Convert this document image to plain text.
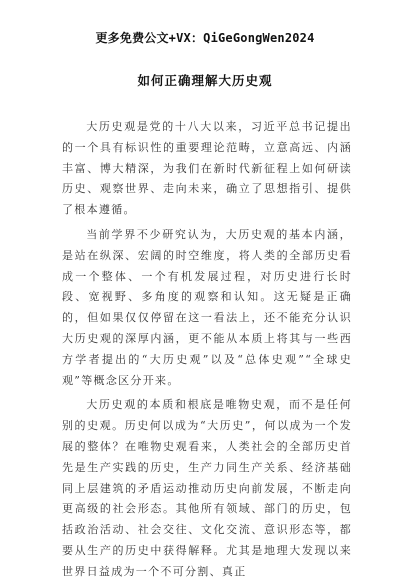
更多免费公文+VX：QiGeGongWen2024
如何正确理解大历史观

大历史观是党的十八大以来，习近平总书记提出的一个具有标识性的重要理论范畴，立意高远、内涵丰富、博大精深，为我们在新时代新征程上如何研读历史、观察世界、走向未来，确立了思想指引、提供了根本遵循。

当前学界不少研究认为，大历史观的基本内涵，是站在纵深、宏阔的时空维度，将人类的全部历史看成一个整体、一个有机发展过程，对历史进行长时段、宽视野、多角度的观察和认知。这无疑是正确的，但如果仅仅停留在这一看法上，还不能充分认识大历史观的深厚内涵，更不能从本质上将其与一些西方学者提出的“大历史观”以及“总体史观”“全球史观”等概念区分开来。

大历史观的本质和根底是唯物史观，而不是任何别的史观。历史何以成为“大历史”，何以成为一个发展的整体？在唯物史观看来，人类社会的全部历史首先是生产实践的历史，生产力同生产关系、经济基础同上层建筑的矛盾运动推动历史向前发展，不断走向更高级的社会形态。其他所有领域、部门的历史，包括政治活动、社会交往、文化交流、意识形态等，都要从生产的历史中获得解释。尤其是地理大发现以来世界日益成为一个不可分割、真正
